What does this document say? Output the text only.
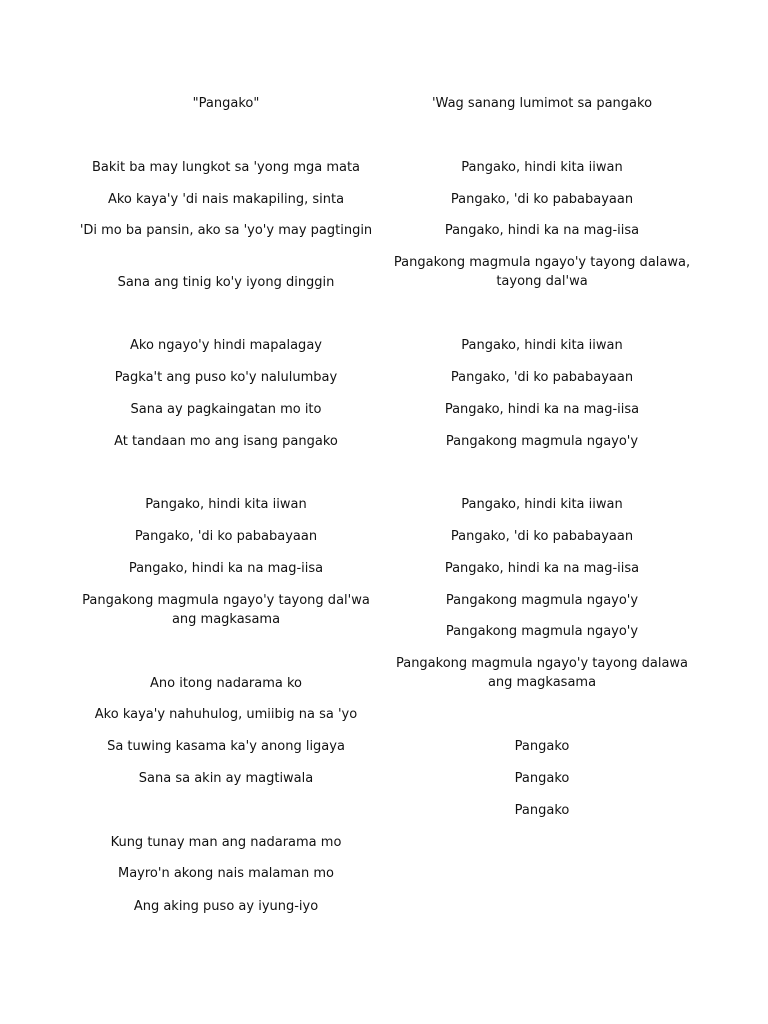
"Pangako"
Bakit ba may lungkot sa 'yong mga mata
Ako kaya'y 'di nais makapiling, sinta
'Di mo ba pansin, ako sa 'yo'y may pagtingin
Sana ang tinig ko'y iyong dinggin
Ako ngayo'y hindi mapalagay
Pagka't ang puso ko'y nalulumbay
Sana ay pagkaingatan mo ito
At tandaan mo ang isang pangako
Pangako, hindi kita iiwan
Pangako, 'di ko pababayaan
Pangako, hindi ka na mag-iisa
Pangakong magmula ngayo'y tayong dal'wa ang magkasama
Ano itong nadarama ko
Ako kaya'y nahuhulog, umiibig na sa 'yo
Sa tuwing kasama ka'y anong ligaya
Sana sa akin ay magtiwala
Kung tunay man ang nadarama mo
Mayro'n akong nais malaman mo
Ang aking puso ay iyung-iyo
'Wag sanang lumimot sa pangako
Pangako, hindi kita iiwan
Pangako, 'di ko pababayaan
Pangako, hindi ka na mag-iisa
Pangakong magmula ngayo'y tayong dalawa, tayong dal'wa
Pangako, hindi kita iiwan
Pangako, 'di ko pababayaan
Pangako, hindi ka na mag-iisa
Pangakong magmula ngayo'y
Pangako, hindi kita iiwan
Pangako, 'di ko pababayaan
Pangako, hindi ka na mag-iisa
Pangakong magmula ngayo'y
Pangakong magmula ngayo'y
Pangakong magmula ngayo'y tayong dalawa ang magkasama
Pangako
Pangako
Pangako
